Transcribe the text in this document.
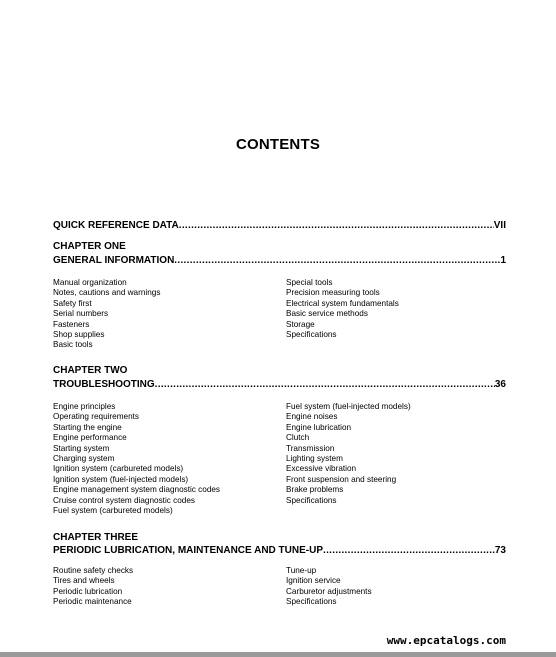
CONTENTS
QUICK REFERENCE DATA .....	VII
CHAPTER ONE
GENERAL INFORMATION .....	1
Manual organization
Notes, cautions and warnings
Safety first
Serial numbers
Fasteners
Shop supplies
Basic tools
Special tools
Precision measuring tools
Electrical system fundamentals
Basic service methods
Storage
Specifications
CHAPTER TWO
TROUBLESHOOTING .....	36
Engine principles
Operating requirements
Starting the engine
Engine performance
Starting system
Charging system
Ignition system (carbureted models)
Ignition system (fuel-injected models)
Engine management system diagnostic codes
Cruise control system diagnostic codes
Fuel system (carbureted models)
Fuel system (fuel-injected models)
Engine noises
Engine lubrication
Clutch
Transmission
Lighting system
Excessive vibration
Front suspension and steering
Brake problems
Specifications
CHAPTER THREE
PERIODIC LUBRICATION, MAINTENANCE AND TUNE-UP .....	73
Routine safety checks
Tires and wheels
Periodic lubrication
Periodic maintenance
Tune-up
Ignition service
Carburetor adjustments
Specifications
www.epcatalogs.com
